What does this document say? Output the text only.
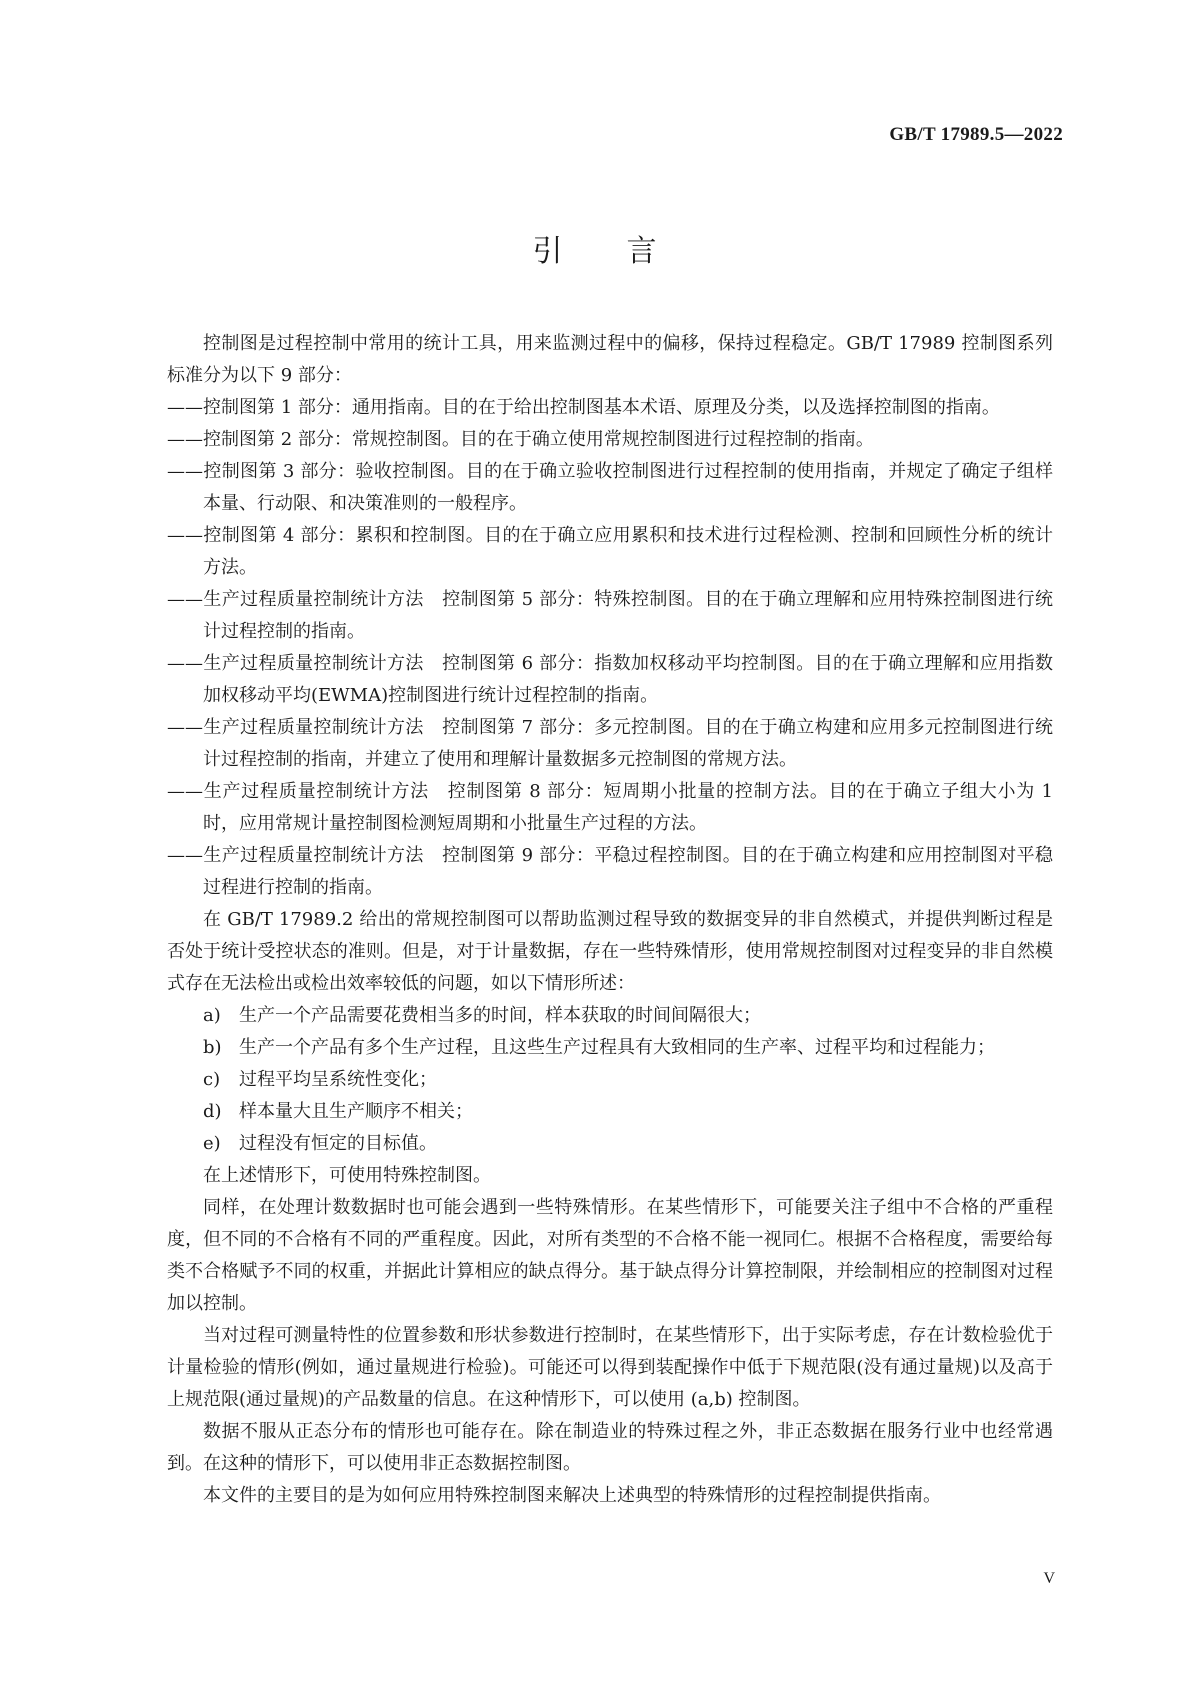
GB/T 17989.5—2022
引 言

控制图是过程控制中常用的统计工具，用来监测过程中的偏移，保持过程稳定。GB/T 17989 控制图系列标准分为以下 9 部分：

——控制图第 1 部分：通用指南。目的在于给出控制图基本术语、原理及分类，以及选择控制图的指南。

——控制图第 2 部分：常规控制图。目的在于确立使用常规控制图进行过程控制的指南。

——控制图第 3 部分：验收控制图。目的在于确立验收控制图进行过程控制的使用指南，并规定了确定子组样本量、行动限、和决策准则的一般程序。

——控制图第 4 部分：累积和控制图。目的在于确立应用累积和技术进行过程检测、控制和回顾性分析的统计方法。

——生产过程质量控制统计方法　控制图第 5 部分：特殊控制图。目的在于确立理解和应用特殊控制图进行统计过程控制的指南。

——生产过程质量控制统计方法　控制图第 6 部分：指数加权移动平均控制图。目的在于确立理解和应用指数加权移动平均(EWMA)控制图进行统计过程控制的指南。

——生产过程质量控制统计方法　控制图第 7 部分：多元控制图。目的在于确立构建和应用多元控制图进行统计过程控制的指南，并建立了使用和理解计量数据多元控制图的常规方法。

——生产过程质量控制统计方法　控制图第 8 部分：短周期小批量的控制方法。目的在于确立子组大小为 1 时，应用常规计量控制图检测短周期和小批量生产过程的方法。

——生产过程质量控制统计方法　控制图第 9 部分：平稳过程控制图。目的在于确立构建和应用控制图对平稳过程进行控制的指南。

在 GB/T 17989.2 给出的常规控制图可以帮助监测过程导致的数据变异的非自然模式，并提供判断过程是否处于统计受控状态的准则。但是，对于计量数据，存在一些特殊情形，使用常规控制图对过程变异的非自然模式存在无法检出或检出效率较低的问题，如以下情形所述：

a) 生产一个产品需要花费相当多的时间，样本获取的时间间隔很大；

b) 生产一个产品有多个生产过程，且这些生产过程具有大致相同的生产率、过程平均和过程能力；

c) 过程平均呈系统性变化；

d) 样本量大且生产顺序不相关；

e) 过程没有恒定的目标值。

在上述情形下，可使用特殊控制图。

同样，在处理计数数据时也可能会遇到一些特殊情形。在某些情形下，可能要关注子组中不合格的严重程度，但不同的不合格有不同的严重程度。因此，对所有类型的不合格不能一视同仁。根据不合格程度，需要给每类不合格赋予不同的权重，并据此计算相应的缺点得分。基于缺点得分计算控制限，并绘制相应的控制图对过程加以控制。

当对过程可测量特性的位置参数和形状参数进行控制时，在某些情形下，出于实际考虑，存在计数检验优于计量检验的情形(例如，通过量规进行检验)。可能还可以得到装配操作中低于下规范限(没有通过量规)以及高于上规范限(通过量规)的产品数量的信息。在这种情形下，可以使用 (a,b) 控制图。

数据不服从正态分布的情形也可能存在。除在制造业的特殊过程之外，非正态数据在服务行业中也经常遇到。在这种的情形下，可以使用非正态数据控制图。

本文件的主要目的是为如何应用特殊控制图来解决上述典型的特殊情形的过程控制提供指南。

V
